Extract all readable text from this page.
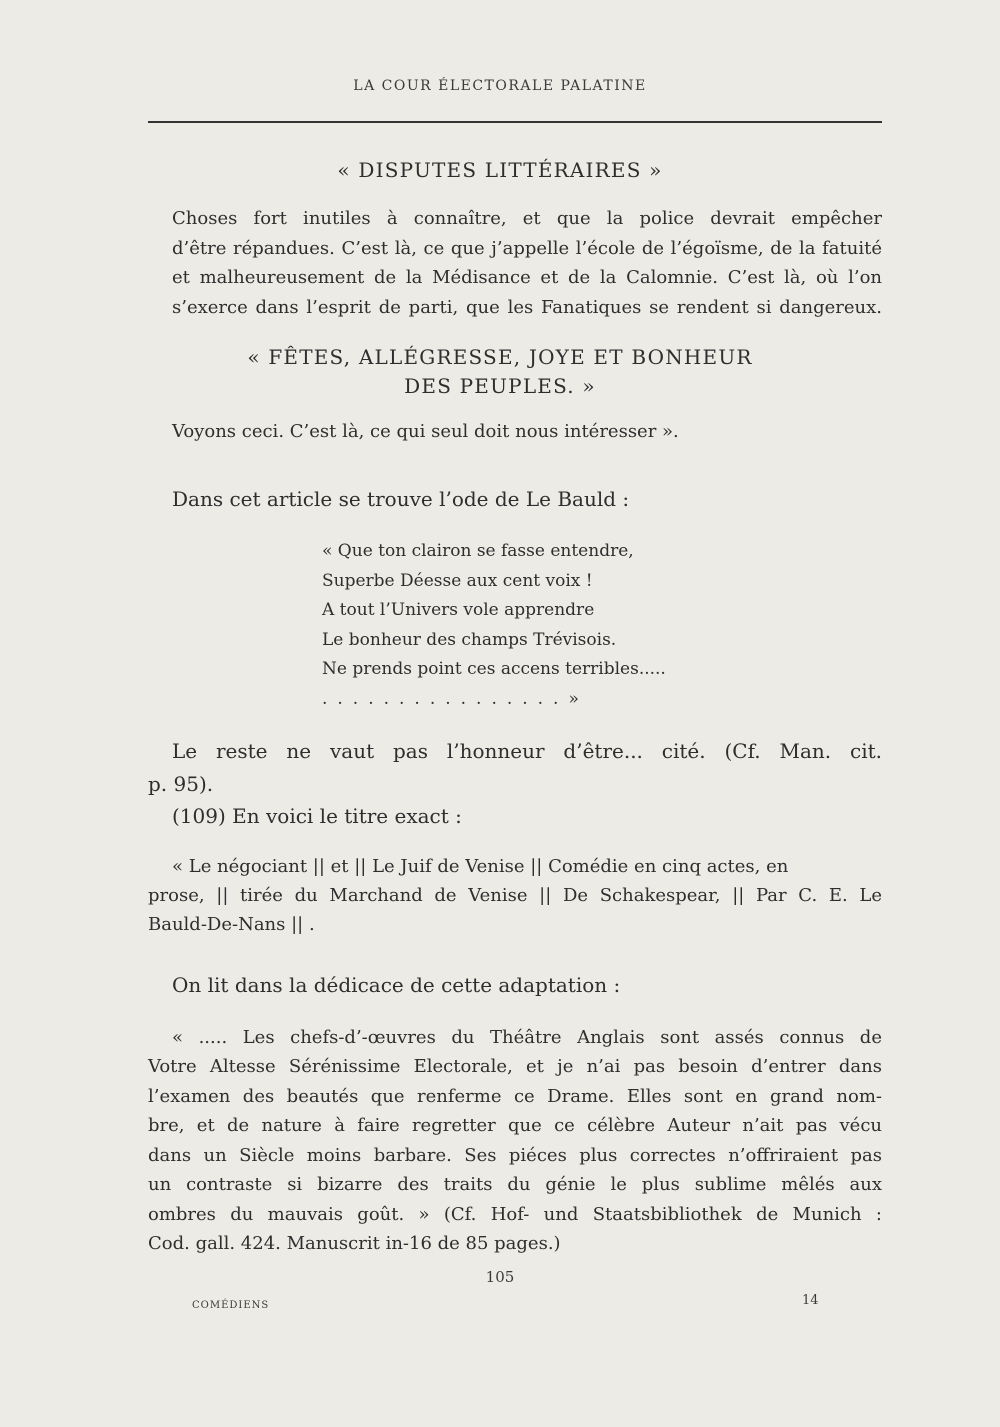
LA COUR ÉLECTORALE PALATINE
« DISPUTES LITTÉRAIRES »
Choses fort inutiles à connaître, et que la police devrait empêcher
d’être répandues. C’est là, ce que j’appelle l’école de l’égoïsme, de la fatuité
et malheureusement de la Médisance et de la Calomnie. C’est là, où l’on
s’exerce dans l’esprit de parti, que les Fanatiques se rendent si dangereux.
« FÊTES, ALLÉGRESSE, JOYE ET BONHEUR
DES PEUPLES. »
Voyons ceci. C’est là, ce qui seul doit nous intéresser ».
Dans cet article se trouve l’ode de Le Bauld :
« Que ton clairon se fasse entendre,
Superbe Déesse aux cent voix !
A tout l’Univers vole apprendre
Le bonheur des champs Trévisois.
Ne prends point ces accens terribles.....
................»
Le reste ne vaut pas l’honneur d’être... cité. (Cf. Man. cit.
p. 95).
(109) En voici le titre exact :
« Le négociant || et || Le Juif de Venise || Comédie en cinq actes, en
prose, || tirée du Marchand de Venise || De Schakespear, || Par C. E. Le
Bauld-De-Nans || .
On lit dans la dédicace de cette adaptation :
« ..... Les chefs-d’-œuvres du Théâtre Anglais sont assés connus de
Votre Altesse Sérénissime Electorale, et je n’ai pas besoin d’entrer dans
l’examen des beautés que renferme ce Drame. Elles sont en grand nom-
bre, et de nature à faire regretter que ce célèbre Auteur n’ait pas vécu
dans un Siècle moins barbare. Ses piéces plus correctes n’offriraient pas
un contraste si bizarre des traits du génie le plus sublime mêlés aux
ombres du mauvais goût. » (Cf. Hof- und Staatsbibliothek de Munich :
Cod. gall. 424. Manuscrit in-16 de 85 pages.)
105
COMÉDIENS	14
